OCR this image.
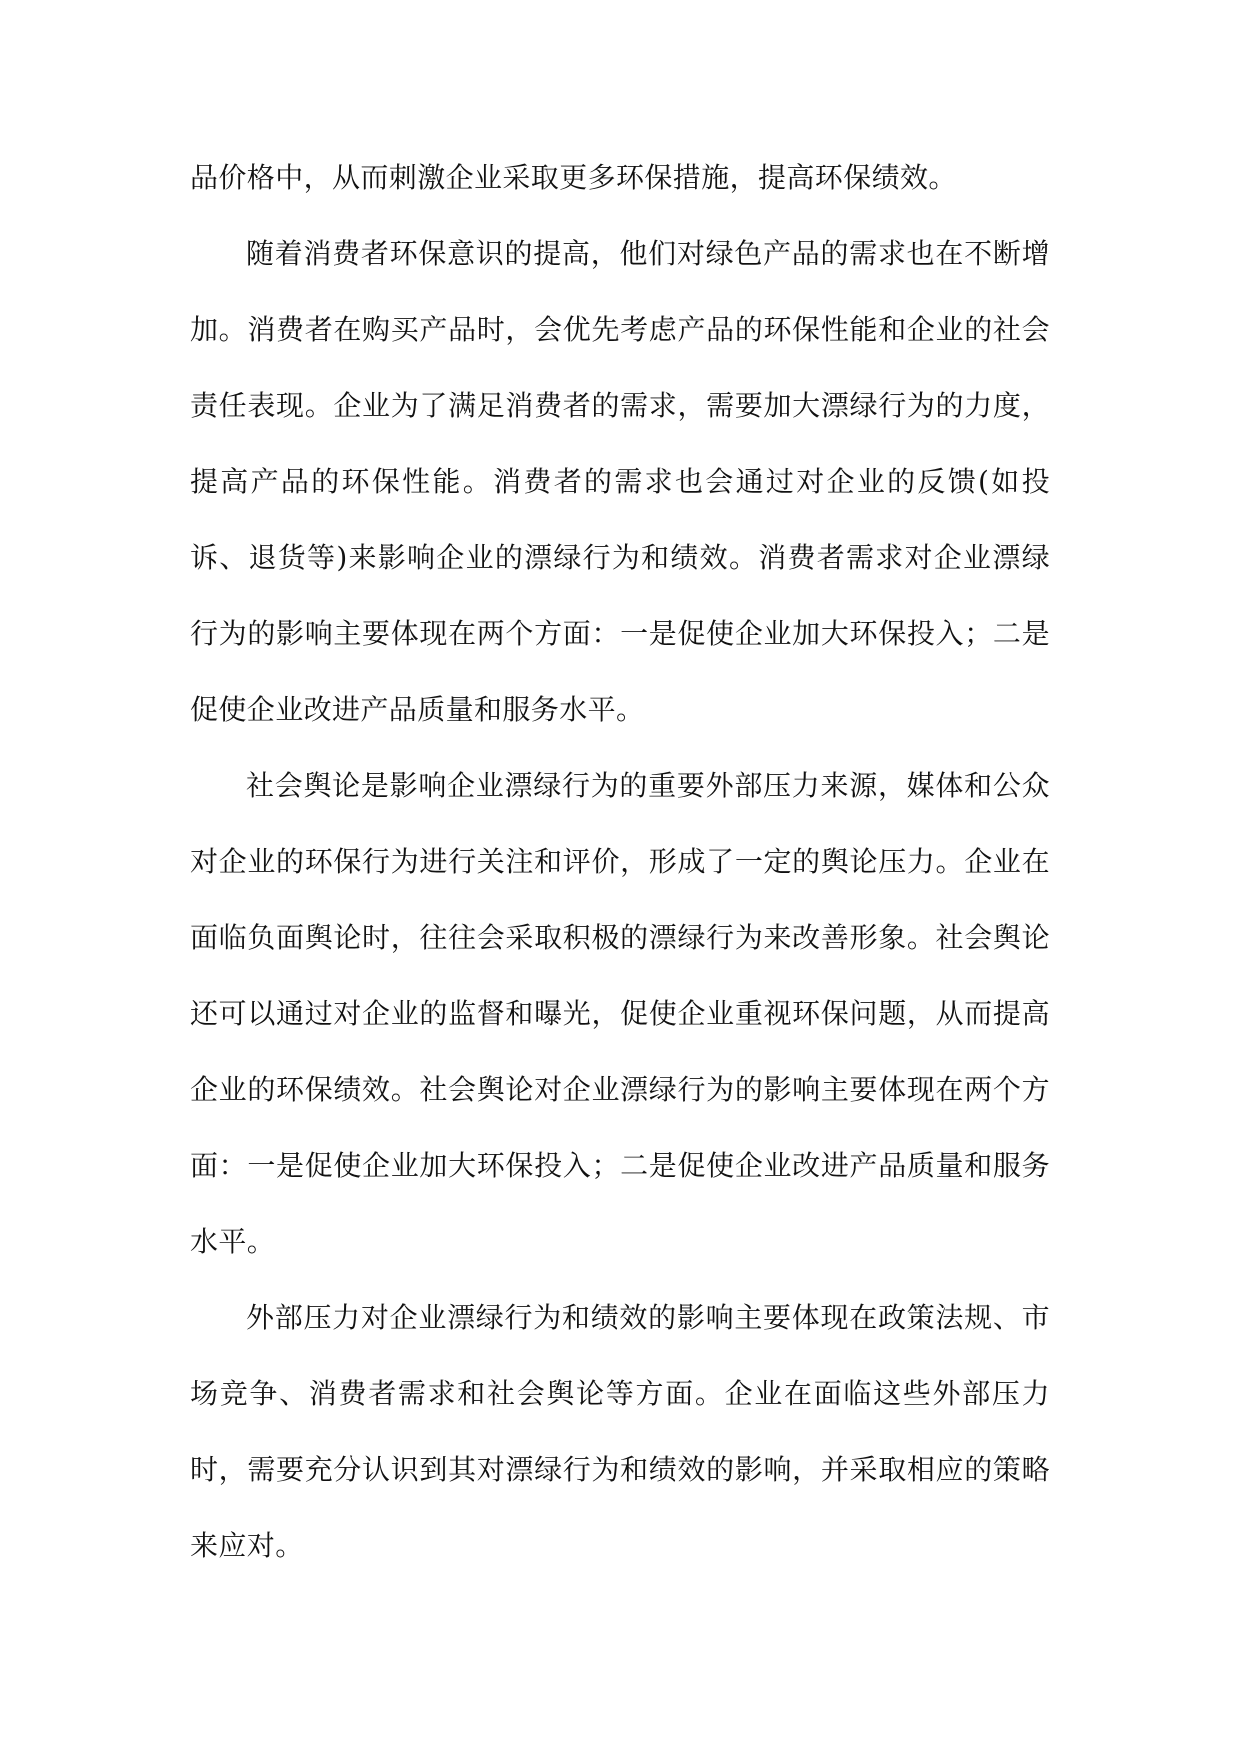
品价格中，从而刺激企业采取更多环保措施，提高环保绩效。

随着消费者环保意识的提高，他们对绿色产品的需求也在不断增加。消费者在购买产品时，会优先考虑产品的环保性能和企业的社会责任表现。企业为了满足消费者的需求，需要加大漂绿行为的力度，提高产品的环保性能。消费者的需求也会通过对企业的反馈(如投诉、退货等)来影响企业的漂绿行为和绩效。消费者需求对企业漂绿行为的影响主要体现在两个方面：一是促使企业加大环保投入；二是促使企业改进产品质量和服务水平。

社会舆论是影响企业漂绿行为的重要外部压力来源，媒体和公众对企业的环保行为进行关注和评价，形成了一定的舆论压力。企业在面临负面舆论时，往往会采取积极的漂绿行为来改善形象。社会舆论还可以通过对企业的监督和曝光，促使企业重视环保问题，从而提高企业的环保绩效。社会舆论对企业漂绿行为的影响主要体现在两个方面：一是促使企业加大环保投入；二是促使企业改进产品质量和服务水平。

外部压力对企业漂绿行为和绩效的影响主要体现在政策法规、市场竞争、消费者需求和社会舆论等方面。企业在面临这些外部压力时，需要充分认识到其对漂绿行为和绩效的影响，并采取相应的策略来应对。
